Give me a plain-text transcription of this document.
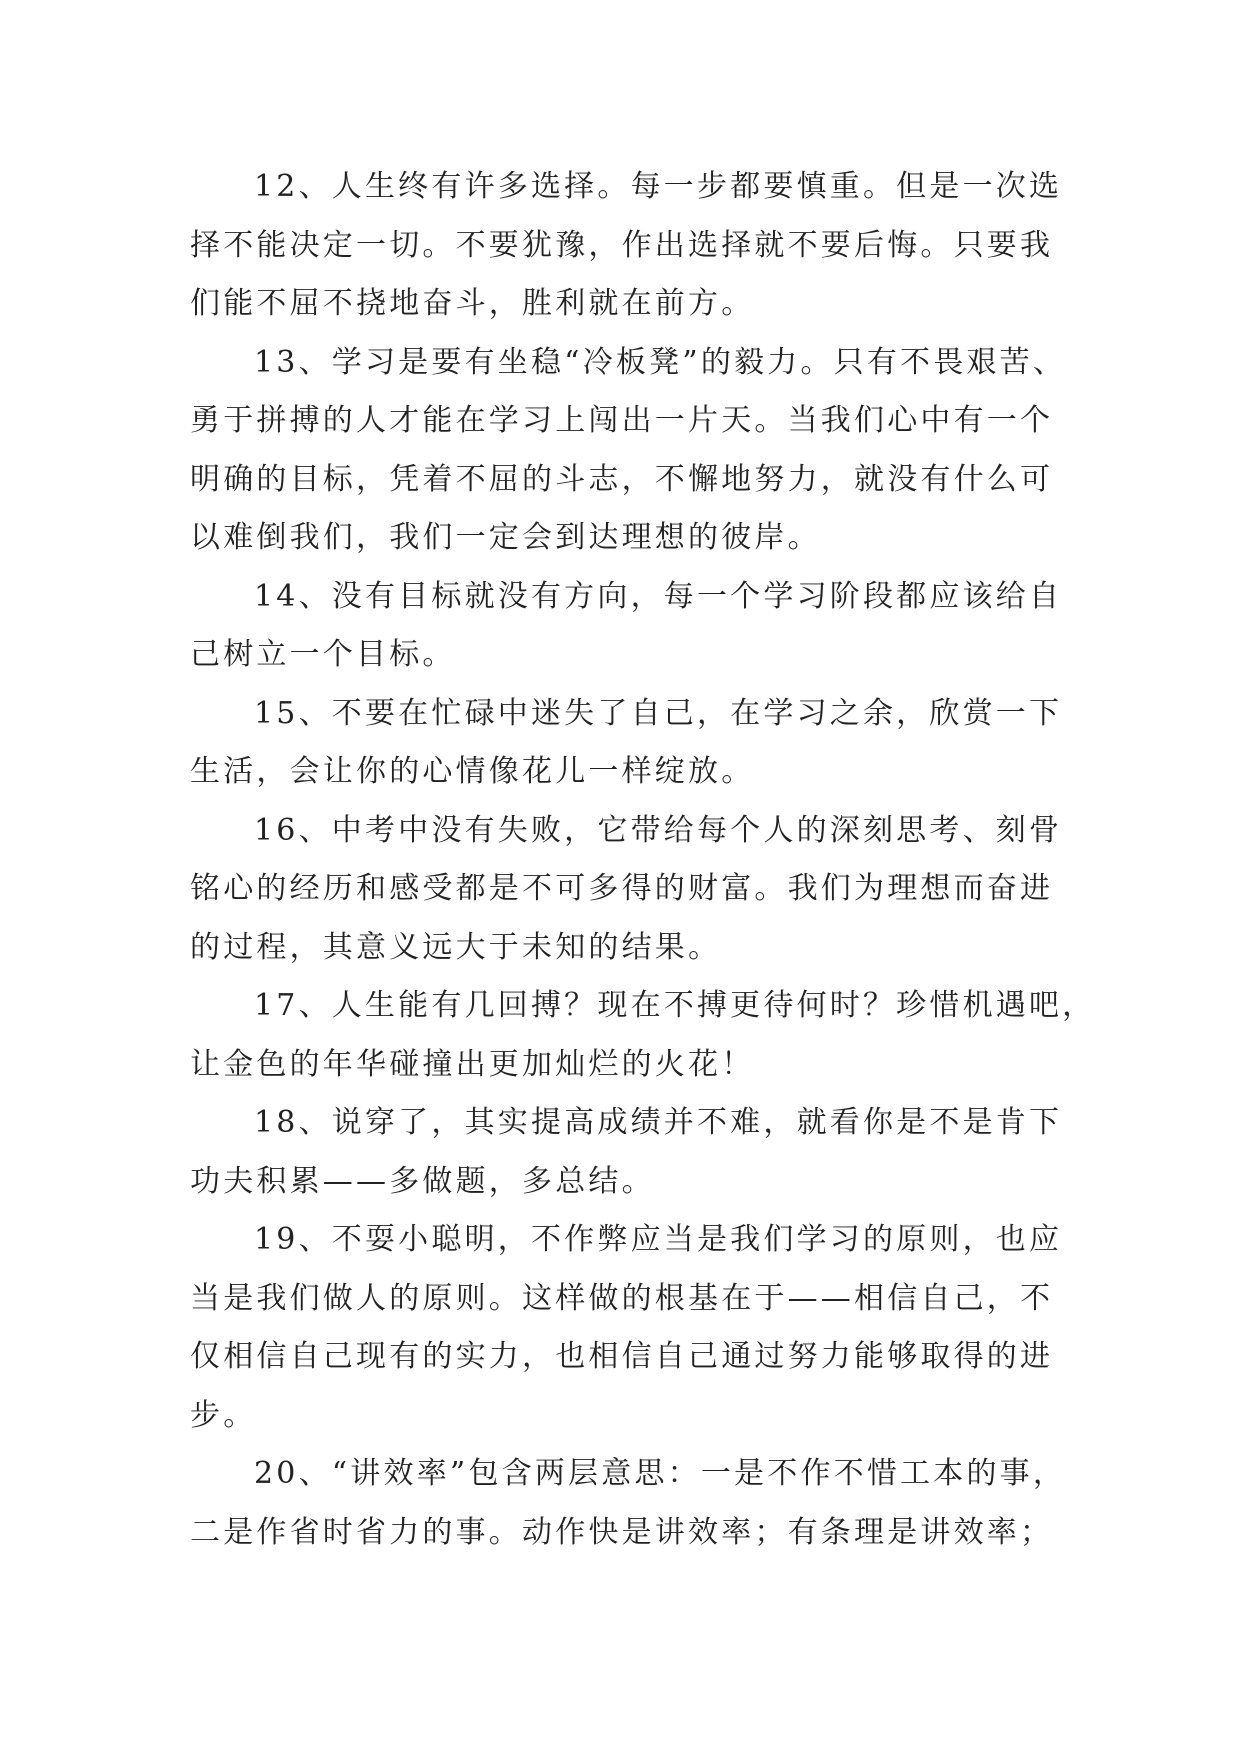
12、人生终有许多选择。每一步都要慎重。但是一次选
择不能决定一切。不要犹豫，作出选择就不要后悔。只要我
们能不屈不挠地奋斗，胜利就在前方。
13、学习是要有坐稳“冷板凳”的毅力。只有不畏艰苦、
勇于拼搏的人才能在学习上闯出一片天。当我们心中有一个
明确的目标，凭着不屈的斗志，不懈地努力，就没有什么可
以难倒我们，我们一定会到达理想的彼岸。
14、没有目标就没有方向，每一个学习阶段都应该给自
己树立一个目标。
15、不要在忙碌中迷失了自己，在学习之余，欣赏一下
生活，会让你的心情像花儿一样绽放。
16、中考中没有失败，它带给每个人的深刻思考、刻骨
铭心的经历和感受都是不可多得的财富。我们为理想而奋进
的过程，其意义远大于未知的结果。
17、人生能有几回搏？现在不搏更待何时？珍惜机遇吧，
让金色的年华碰撞出更加灿烂的火花！
18、说穿了，其实提高成绩并不难，就看你是不是肯下
功夫积累——多做题，多总结。
19、不耍小聪明，不作弊应当是我们学习的原则，也应
当是我们做人的原则。这样做的根基在于——相信自己，不
仅相信自己现有的实力，也相信自己通过努力能够取得的进
步。
20、“讲效率”包含两层意思：一是不作不惜工本的事，
二是作省时省力的事。动作快是讲效率；有条理是讲效率；
